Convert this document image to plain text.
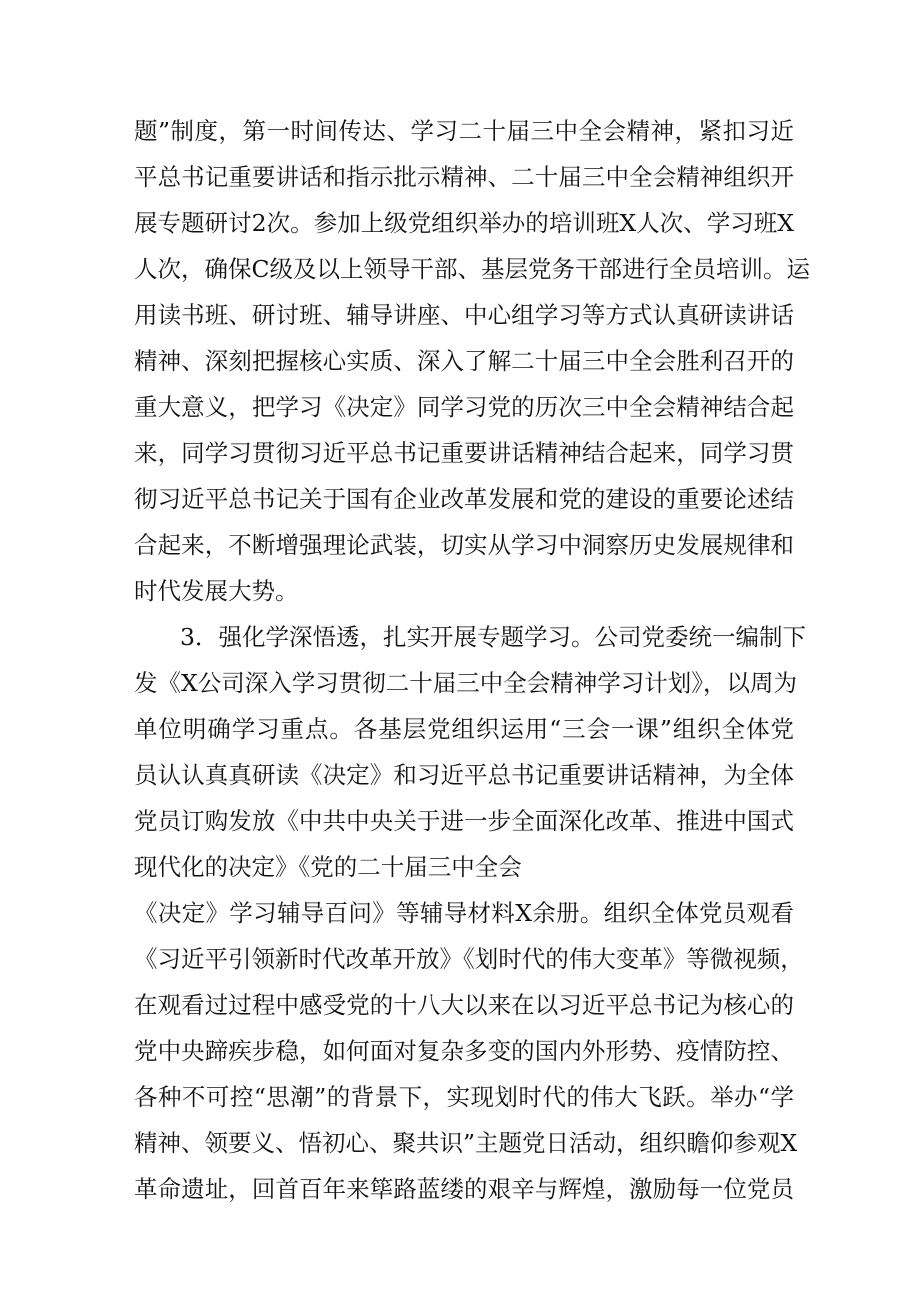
题”制度，第一时间传达、学习二十届三中全会精神，紧扣习近
平总书记重要讲话和指示批示精神、二十届三中全会精神组织开
展专题研讨2次。参加上级党组织举办的培训班X人次、学习班X
人次，确保C级及以上领导干部、基层党务干部进行全员培训。运
用读书班、研讨班、辅导讲座、中心组学习等方式认真研读讲话
精神、深刻把握核心实质、深入了解二十届三中全会胜利召开的
重大意义，把学习《决定》同学习党的历次三中全会精神结合起
来，同学习贯彻习近平总书记重要讲话精神结合起来，同学习贯
彻习近平总书记关于国有企业改革发展和党的建设的重要论述结
合起来，不断增强理论武装，切实从学习中洞察历史发展规律和
时代发展大势。
3．强化学深悟透，扎实开展专题学习。公司党委统一编制下
发《X公司深入学习贯彻二十届三中全会精神学习计划》，以周为
单位明确学习重点。各基层党组织运用“三会一课”组织全体党
员认认真真研读《决定》和习近平总书记重要讲话精神，为全体
党员订购发放《中共中央关于进一步全面深化改革、推进中国式
现代化的决定》《党的二十届三中全会
《决定》学习辅导百问》等辅导材料X余册。组织全体党员观看
《习近平引领新时代改革开放》《划时代的伟大变革》等微视频，
在观看过过程中感受党的十八大以来在以习近平总书记为核心的
党中央蹄疾步稳，如何面对复杂多变的国内外形势、疫情防控、
各种不可控“思潮”的背景下，实现划时代的伟大飞跃。举办“学
精神、领要义、悟初心、聚共识”主题党日活动，组织瞻仰参观X
革命遗址，回首百年来筚路蓝缕的艰辛与辉煌，激励每一位党员
